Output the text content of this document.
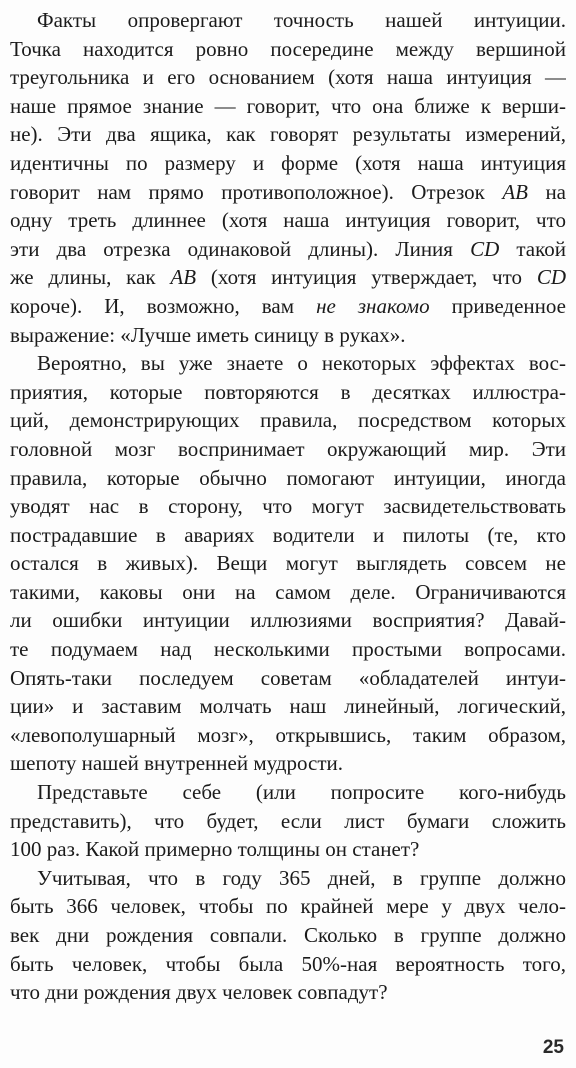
Факты опровергают точность нашей интуиции.
Точка находится ровно посередине между вершиной
треугольника и его основанием (хотя наша интуиция —
наше прямое знание — говорит, что она ближе к верши-
не). Эти два ящика, как говорят результаты измерений,
идентичны по размеру и форме (хотя наша интуиция
говорит нам прямо противоположное). Отрезок AB на
одну треть длиннее (хотя наша интуиция говорит, что
эти два отрезка одинаковой длины). Линия CD такой
же длины, как AB (хотя интуиция утверждает, что CD
короче). И, возможно, вам не знакомо приведенное
выражение: «Лучше иметь синицу в руках».
Вероятно, вы уже знаете о некоторых эффектах вос-
приятия, которые повторяются в десятках иллюстра-
ций, демонстрирующих правила, посредством которых
головной мозг воспринимает окружающий мир. Эти
правила, которые обычно помогают интуиции, иногда
уводят нас в сторону, что могут засвидетельствовать
пострадавшие в авариях водители и пилоты (те, кто
остался в живых). Вещи могут выглядеть совсем не
такими, каковы они на самом деле. Ограничиваются
ли ошибки интуиции иллюзиями восприятия? Давай-
те подумаем над несколькими простыми вопросами.
Опять-таки последуем советам «обладателей интуи-
ции» и заставим молчать наш линейный, логический,
«левополушарный мозг», открывшись, таким образом,
шепоту нашей внутренней мудрости.
Представьте себе (или попросите кого-нибудь
представить), что будет, если лист бумаги сложить
100 раз. Какой примерно толщины он станет?
Учитывая, что в году 365 дней, в группе должно
быть 366 человек, чтобы по крайней мере у двух чело-
век дни рождения совпали. Сколько в группе должно
быть человек, чтобы была 50%-ная вероятность того,
что дни рождения двух человек совпадут?
25
